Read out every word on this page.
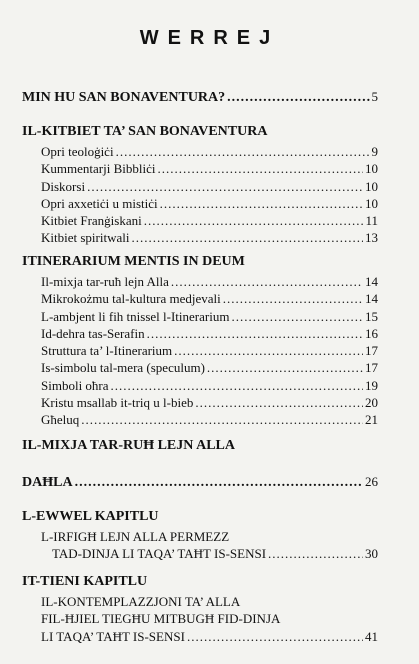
WERREJ
MIN HU SAN BONAVENTURA? .....	5
IL-KITBIET TA’ SAN BONAVENTURA
Opri teoloġiċi .....	9
Kummentarji Bibbliċi .....	10
Diskorsi .....	10
Opri axxetiċi u mistiċi .....	10
Kitbiet Franġiskani .....	11
Kitbiet spiritwali .....	13
ITINERARIUM MENTIS IN DEUM
Il-mixja tar-ruħ lejn Alla .....	14
Mikrokożmu tal-kultura medjevali .....	14
L-ambjent li fih tnissel l-Itinerarium .....	15
Id-dehra tas-Serafin .....	16
Struttura ta’ l-Itinerarium .....	17
Is-simbolu tal-mera (speculum) .....	17
Simboli oħra .....	19
Kristu msallab it-triq u l-bieb .....	20
Għeluq .....	21
IL-MIXJA TAR-RUĦ LEJN ALLA
DAĦLA .....	26
L-EWWEL KAPITLU
L-IRFIGĦ LEJN ALLA PERMEZZ
TAD-DINJA LI TAQA’ TAĦT IS-SENSI .....	30
IT-TIENI KAPITLU
IL-KONTEMPLAZZJONI TA’ ALLA
FIL-ĦJIEL TIEGĦU MITBUGĦ FID-DINJA
LI TAQA’ TAĦT IS-SENSI .....	41
